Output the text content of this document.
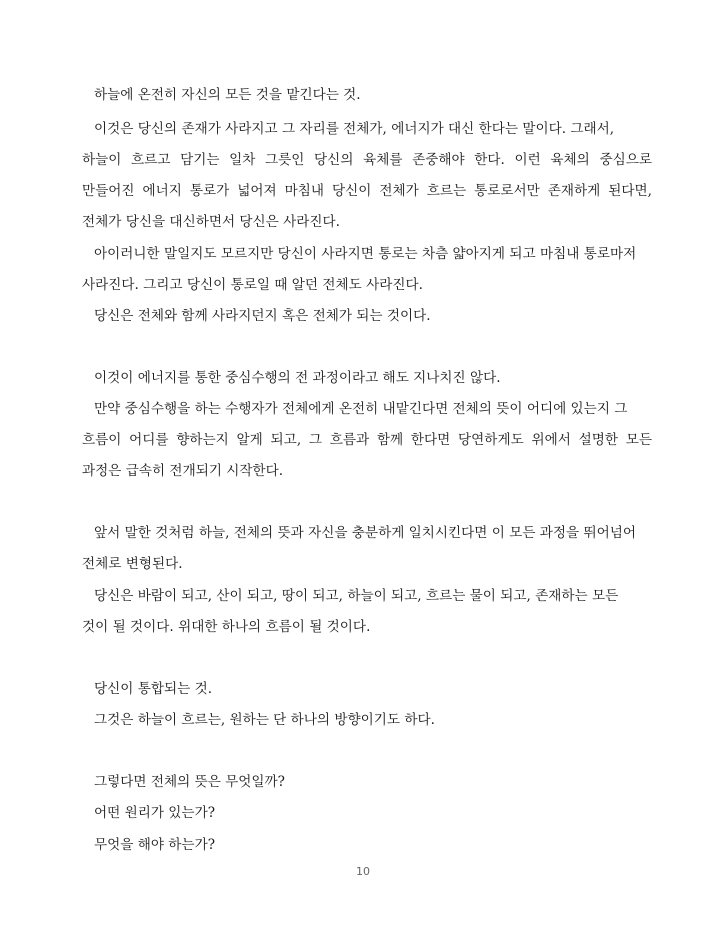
하늘에 온전히 자신의 모든 것을 맡긴다는 것.
이것은 당신의 존재가 사라지고 그 자리를 전체가, 에너지가 대신 한다는 말이다. 그래서,
하늘이 흐르고 담기는 일차 그릇인 당신의 육체를 존중해야 한다. 이런 육체의 중심으로
만들어진 에너지 통로가 넓어져 마침내 당신이 전체가 흐르는 통로로서만 존재하게 된다면,
전체가 당신을 대신하면서 당신은 사라진다.
아이러니한 말일지도 모르지만 당신이 사라지면 통로는 차츰 얇아지게 되고 마침내 통로마저
사라진다. 그리고 당신이 통로일 때 알던 전체도 사라진다.
당신은 전체와 함께 사라지던지 혹은 전체가 되는 것이다.
이것이 에너지를 통한 중심수행의 전 과정이라고 해도 지나치진 않다.
만약 중심수행을 하는 수행자가 전체에게 온전히 내맡긴다면 전체의 뜻이 어디에 있는지 그
흐름이 어디를 향하는지 알게 되고, 그 흐름과 함께 한다면 당연하게도 위에서 설명한 모든
과정은 급속히 전개되기 시작한다.
앞서 말한 것처럼 하늘, 전체의 뜻과 자신을 충분하게 일치시킨다면 이 모든 과정을 뛰어넘어
전체로 변형된다.
당신은 바람이 되고, 산이 되고, 땅이 되고, 하늘이 되고, 흐르는 물이 되고, 존재하는 모든
것이 될 것이다. 위대한 하나의 흐름이 될 것이다.
당신이 통합되는 것.
그것은 하늘이 흐르는, 원하는 단 하나의 방향이기도 하다.
그렇다면 전체의 뜻은 무엇일까?
어떤 원리가 있는가?
무엇을 해야 하는가?
10
